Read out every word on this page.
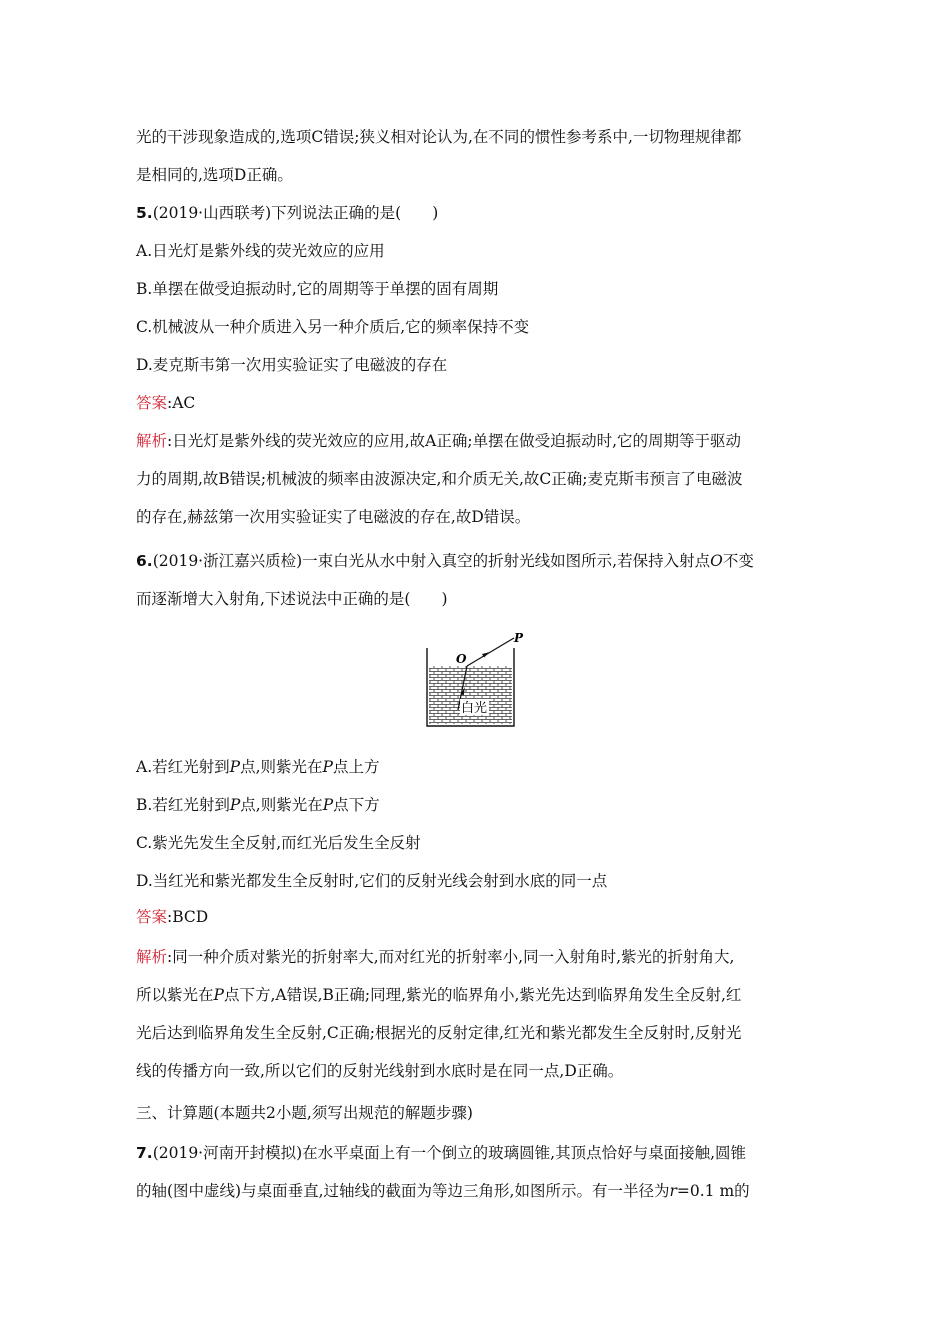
光的干涉现象造成的,选项C错误;狭义相对论认为,在不同的惯性参考系中,一切物理规律都
是相同的,选项D正确。
5.(2019·山西联考)下列说法正确的是(　　)
A.日光灯是紫外线的荧光效应的应用
B.单摆在做受迫振动时,它的周期等于单摆的固有周期
C.机械波从一种介质进入另一种介质后,它的频率保持不变
D.麦克斯韦第一次用实验证实了电磁波的存在
答案:AC
解析:日光灯是紫外线的荧光效应的应用,故A正确;单摆在做受迫振动时,它的周期等于驱动
力的周期,故B错误;机械波的频率由波源决定,和介质无关,故C正确;麦克斯韦预言了电磁波
的存在,赫兹第一次用实验证实了电磁波的存在,故D错误。
6.(2019·浙江嘉兴质检)一束白光从水中射入真空的折射光线如图所示,若保持入射点O不变
而逐渐增大入射角,下述说法中正确的是(　　)
O
P
白光
A.若红光射到P点,则紫光在P点上方
B.若红光射到P点,则紫光在P点下方
C.紫光先发生全反射,而红光后发生全反射
D.当红光和紫光都发生全反射时,它们的反射光线会射到水底的同一点
答案:BCD
解析:同一种介质对紫光的折射率大,而对红光的折射率小,同一入射角时,紫光的折射角大,
所以紫光在P点下方,A错误,B正确;同理,紫光的临界角小,紫光先达到临界角发生全反射,红
光后达到临界角发生全反射,C正确;根据光的反射定律,红光和紫光都发生全反射时,反射光
线的传播方向一致,所以它们的反射光线射到水底时是在同一点,D正确。
三、计算题(本题共2小题,须写出规范的解题步骤)
7.(2019·河南开封模拟)在水平桌面上有一个倒立的玻璃圆锥,其顶点恰好与桌面接触,圆锥
的轴(图中虚线)与桌面垂直,过轴线的截面为等边三角形,如图所示。有一半径为r=0.1 m的
